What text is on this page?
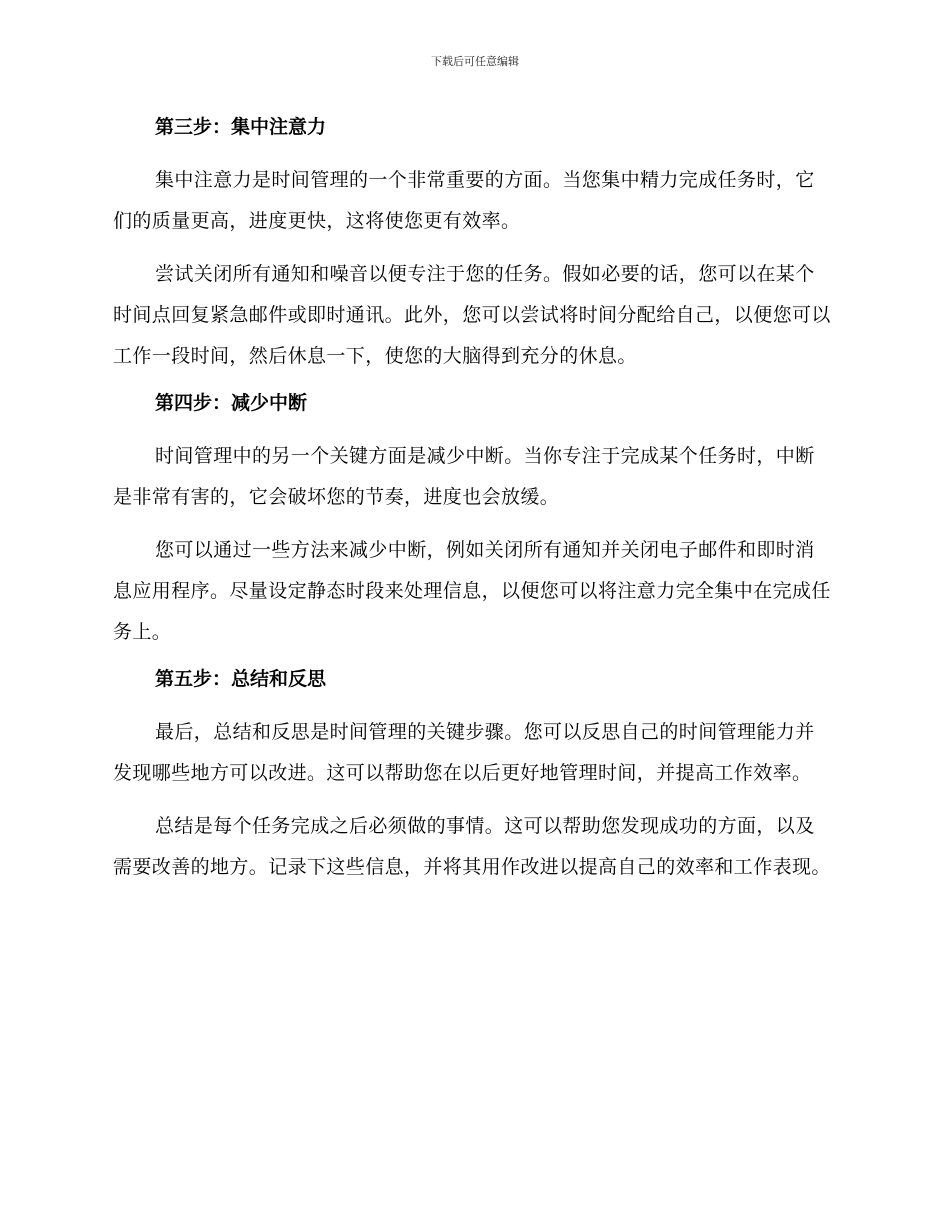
下载后可任意编辑
第三步：集中注意力

集中注意力是时间管理的一个非常重要的方面。当您集中精力完成任务时，它们的质量更高，进度更快，这将使您更有效率。

尝试关闭所有通知和噪音以便专注于您的任务。假如必要的话，您可以在某个时间点回复紧急邮件或即时通讯。此外，您可以尝试将时间分配给自己，以便您可以工作一段时间，然后休息一下，使您的大脑得到充分的休息。

第四步：减少中断

时间管理中的另一个关键方面是减少中断。当你专注于完成某个任务时，中断是非常有害的，它会破坏您的节奏，进度也会放缓。

您可以通过一些方法来减少中断，例如关闭所有通知并关闭电子邮件和即时消息应用程序。尽量设定静态时段来处理信息，以便您可以将注意力完全集中在完成任务上。

第五步：总结和反思

最后，总结和反思是时间管理的关键步骤。您可以反思自己的时间管理能力并发现哪些地方可以改进。这可以帮助您在以后更好地管理时间，并提高工作效率。

总结是每个任务完成之后必须做的事情。这可以帮助您发现成功的方面，以及需要改善的地方。记录下这些信息，并将其用作改进以提高自己的效率和工作表现。
